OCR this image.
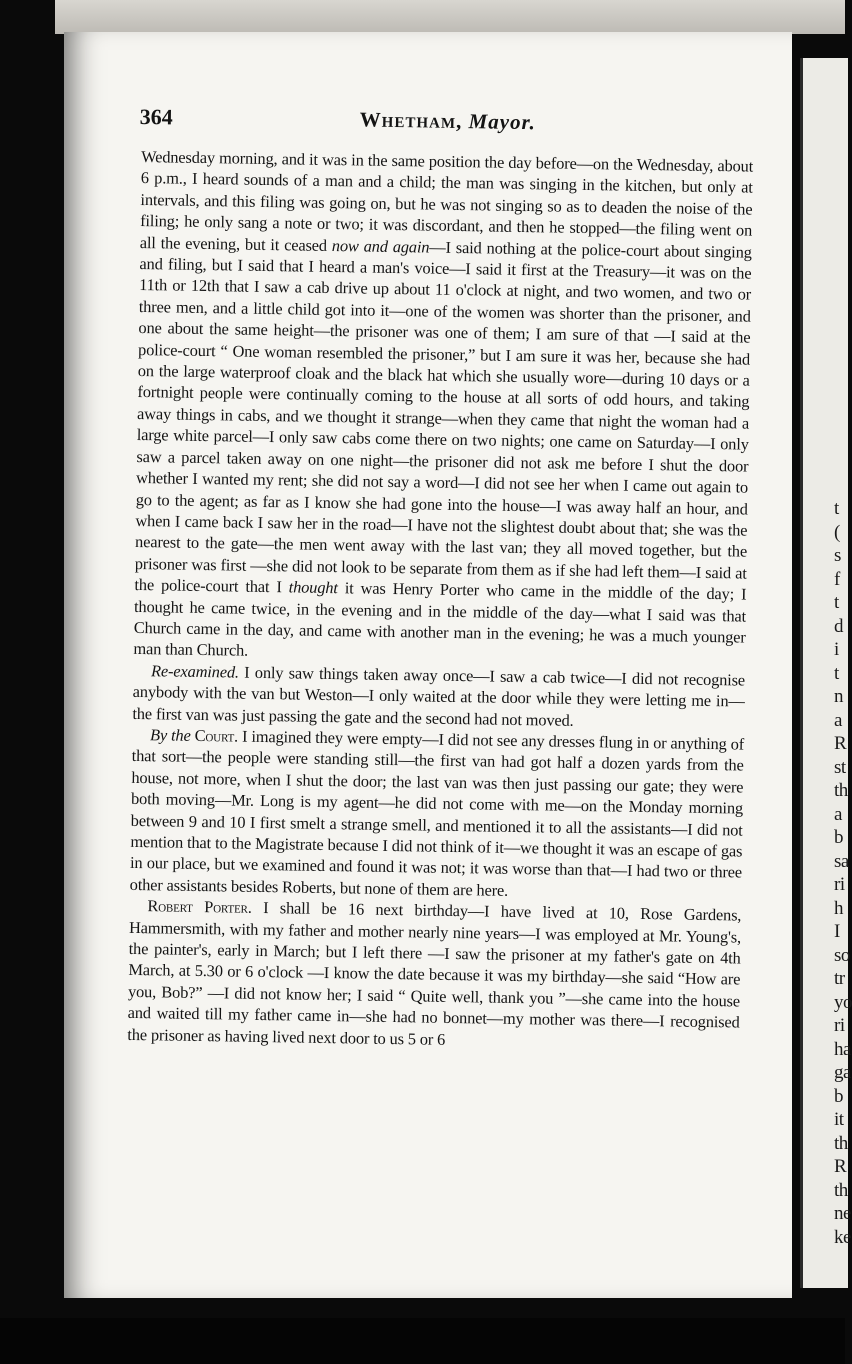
t
(
s
f
t
d
i
t
n
a
R
st
th
a
b
sa
ri
h
I
so
tr
yo
ri
ha
ga
b
it
th
R
th
ne
ke
364	Whetham, Mayor.

Wednesday morning, and it was in the same position the day before—on the Wednesday, about 6 p.m., I heard sounds of a man and a child; the man was singing in the kitchen, but only at intervals, and this filing was going on, but he was not singing so as to deaden the noise of the filing; he only sang a note or two; it was discordant, and then he stopped—the filing went on all the evening, but it ceased now and again—I said nothing at the police-court about singing and filing, but I said that I heard a man's voice—I said it first at the Treasury—it was on the 11th or 12th that I saw a cab drive up about 11 o'clock at night, and two women, and two or three men, and a little child got into it—one of the women was shorter than the prisoner, and one about the same height—the prisoner was one of them; I am sure of that —I said at the police-court “ One woman resembled the prisoner,” but I am sure it was her, because she had on the large waterproof cloak and the black hat which she usually wore—during 10 days or a fortnight people were continually coming to the house at all sorts of odd hours, and taking away things in cabs, and we thought it strange—when they came that night the woman had a large white parcel—I only saw cabs come there on two nights; one came on Saturday—I only saw a parcel taken away on one night—the prisoner did not ask me before I shut the door whether I wanted my rent; she did not say a word—I did not see her when I came out again to go to the agent; as far as I know she had gone into the house—I was away half an hour, and when I came back I saw her in the road—I have not the slightest doubt about that; she was the nearest to the gate—the men went away with the last van; they all moved together, but the prisoner was first —she did not look to be separate from them as if she had left them—I said at the police-court that I thought it was Henry Porter who came in the middle of the day; I thought he came twice, in the evening and in the middle of the day—what I said was that Church came in the day, and came with another man in the evening; he was a much younger man than Church.

Re-examined. I only saw things taken away once—I saw a cab twice—I did not recognise anybody with the van but Weston—I only waited at the door while they were letting me in—the first van was just passing the gate and the second had not moved.

By the Court. I imagined they were empty—I did not see any dresses flung in or anything of that sort—the people were standing still—the first van had got half a dozen yards from the house, not more, when I shut the door; the last van was then just passing our gate; they were both moving—Mr. Long is my agent—he did not come with me—on the Monday morning between 9 and 10 I first smelt a strange smell, and mentioned it to all the assistants—I did not mention that to the Magistrate because I did not think of it—we thought it was an escape of gas in our place, but we examined and found it was not; it was worse than that—I had two or three other assistants besides Roberts, but none of them are here.

Robert Porter. I shall be 16 next birthday—I have lived at 10, Rose Gardens, Hammersmith, with my father and mother nearly nine years—I was employed at Mr. Young's, the painter's, early in March; but I left there —I saw the prisoner at my father's gate on 4th March, at 5.30 or 6 o'clock —I know the date because it was my birthday—she said “How are you, Bob?” —I did not know her; I said “ Quite well, thank you ”—she came into the house and waited till my father came in—she had no bonnet—my mother was there—I recognised the prisoner as having lived next door to us 5 or 6
